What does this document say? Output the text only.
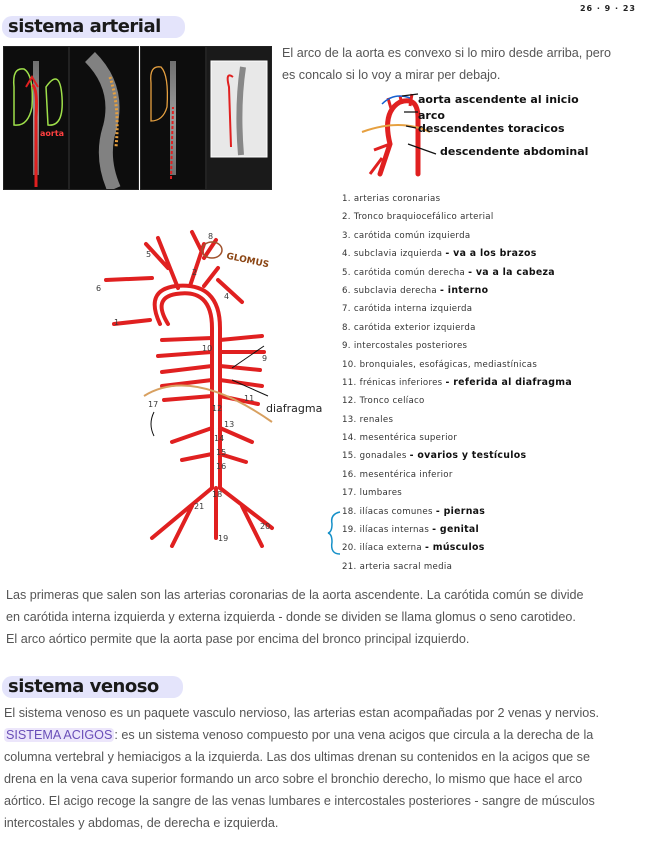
26 · 9 · 23
sistema arterial
aorta
El arco de la aorta es convexo si lo miro desde arriba, pero
es concalo si lo voy a mirar per debajo.
aorta ascendente al inicio
arco
descendentes toracicos
descendente abdominal
1
2
4
5
6
8
9
10
11
12
13
14
15
16
17
18
19
20
21
GLOMUS
diafragma
1. arterias coronarias
2. Tronco braquiocefálico arterial
3. carótida común izquierda
4. subclavia izquierda - va a los brazos
5. carótida común derecha - va a la cabeza
6. subclavia derecha - interno
7. carótida interna izquierda
8. carótida exterior izquierda
9. intercostales posteriores
10. bronquiales, esofágicas, mediastínicas
11. frénicas inferiores - referida al diafragma
12. Tronco celíaco
13. renales
14. mesentérica superior
15. gonadales - ovarios y testículos
16. mesentérica inferior
17. lumbares
18. ilíacas comunes - piernas
19. ilíacas internas - genital
20. ilíaca externa - músculos
21. arteria sacral media
Las primeras que salen son las arterias coronarias de la aorta ascendente. La carótida común se divide
en carótida interna izquierda y externa izquierda - donde se dividen se llama glomus o seno carotideo.
El arco aórtico permite que la aorta pase por encima del bronco principal izquierdo.
sistema venoso
El sistema venoso es un paquete vasculo nervioso, las arterias estan acompañadas por 2 venas y nervios.
SISTEMA ACIGOS : es un sistema venoso compuesto por una vena acigos que circula a la derecha de la
columna vertebral y hemiacigos a la izquierda. Las dos ultimas drenan su contenidos en la acigos que se
drena en la vena cava superior formando un arco sobre el bronchio derecho, lo mismo que hace el arco
aórtico. El acigo recoge la sangre de las venas lumbares e intercostales posteriores - sangre de músculos
intercostales y abdomas, de derecha e izquierda.
